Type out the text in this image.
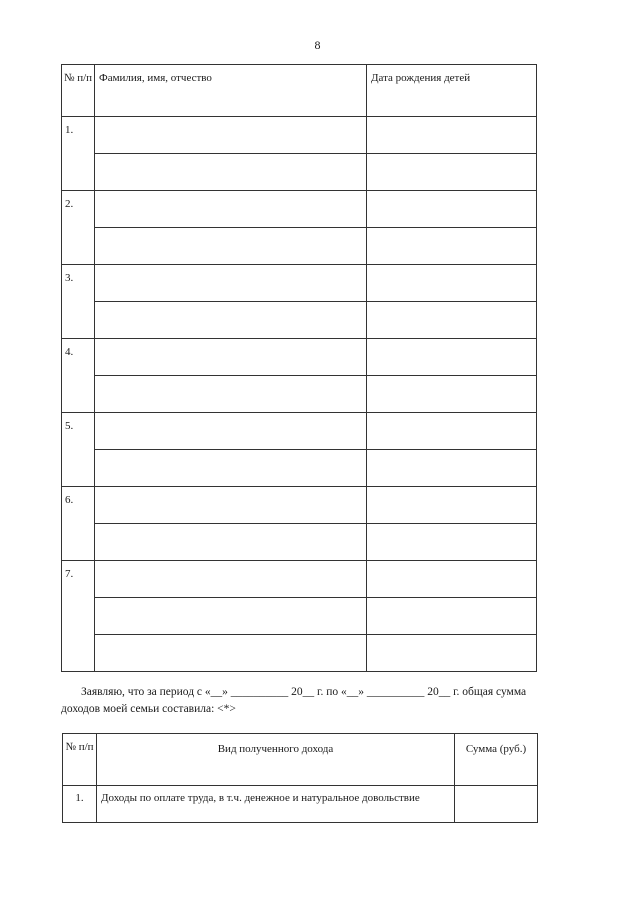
8
№ п/п	Фамилия, имя, отчество	Дата рождения детей

1.		

2.		

3.		

4.		

5.		

6.		

7.		

Заявляю, что за период с «__» __________ 20__ г. по «__» __________ 20__ г. общая сумма
доходов моей семьи составила: <*>
№ п/п	Вид полученного дохода	Сумма (руб.)

1.	Доходы по оплате труда, в т.ч. денежное и натуральное довольствие	
